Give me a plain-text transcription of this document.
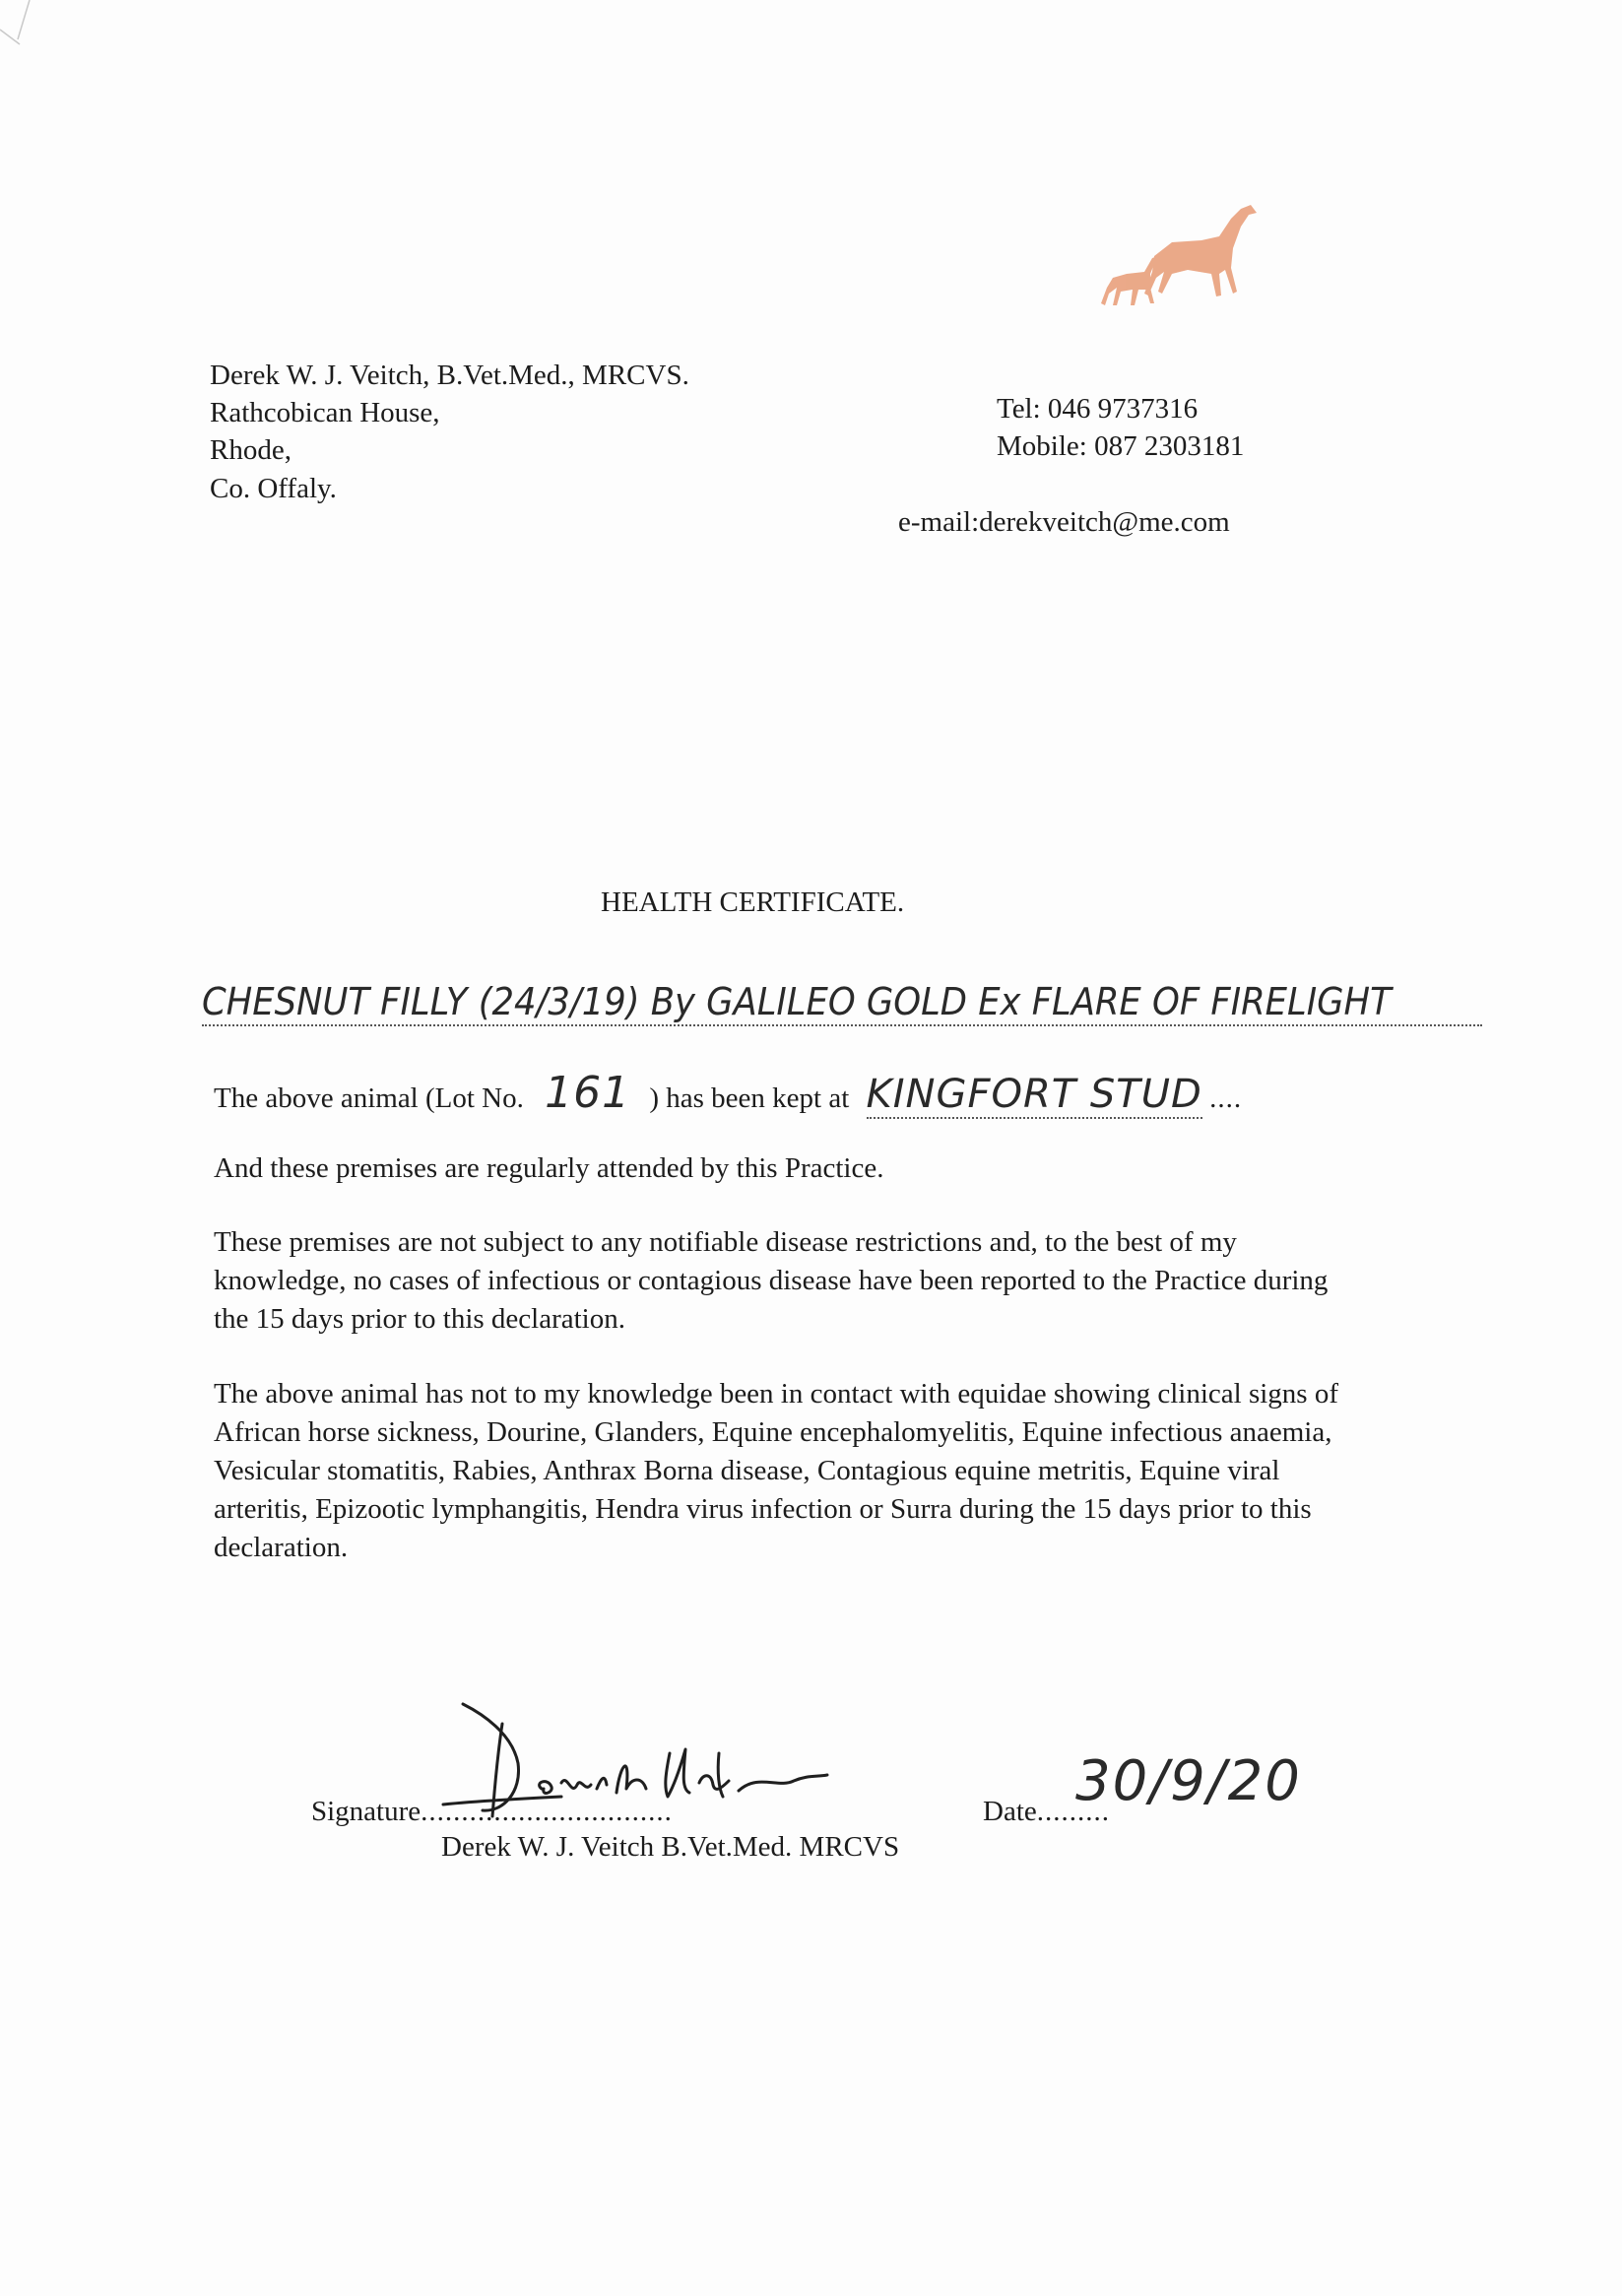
Derek W. J. Veitch, B.Vet.Med., MRCVS.
Rathcobican House,
Rhode,
Co. Offaly.
Tel: 046 9737316
Mobile: 087 2303181
e-mail:derekveitch@me.com
HEALTH CERTIFICATE.
CHESNUT FILLY (24/3/19) By GALILEO GOLD Ex FLARE OF FIRELIGHT
The above animal (Lot No. 161 ) has been kept at KINGFORT STUD ....
And these premises are regularly attended by this Practice.
These premises are not subject to any notifiable disease restrictions and, to the best of my knowledge, no cases of infectious or contagious disease have been reported to the Practice during the 15 days prior to this declaration.
The above animal has not to my knowledge been in contact with equidae showing clinical signs of African horse sickness, Dourine, Glanders, Equine encephalomyelitis, Equine infectious anaemia, Vesicular stomatitis, Rabies, Anthrax Borna disease, Contagious equine metritis, Equine viral arteritis, Epizootic lymphangitis, Hendra virus infection or Surra during the 15 days prior to this declaration.
Signature...............................
Derek W. J. Veitch B.Vet.Med. MRCVS
Date.........
30/9/20
